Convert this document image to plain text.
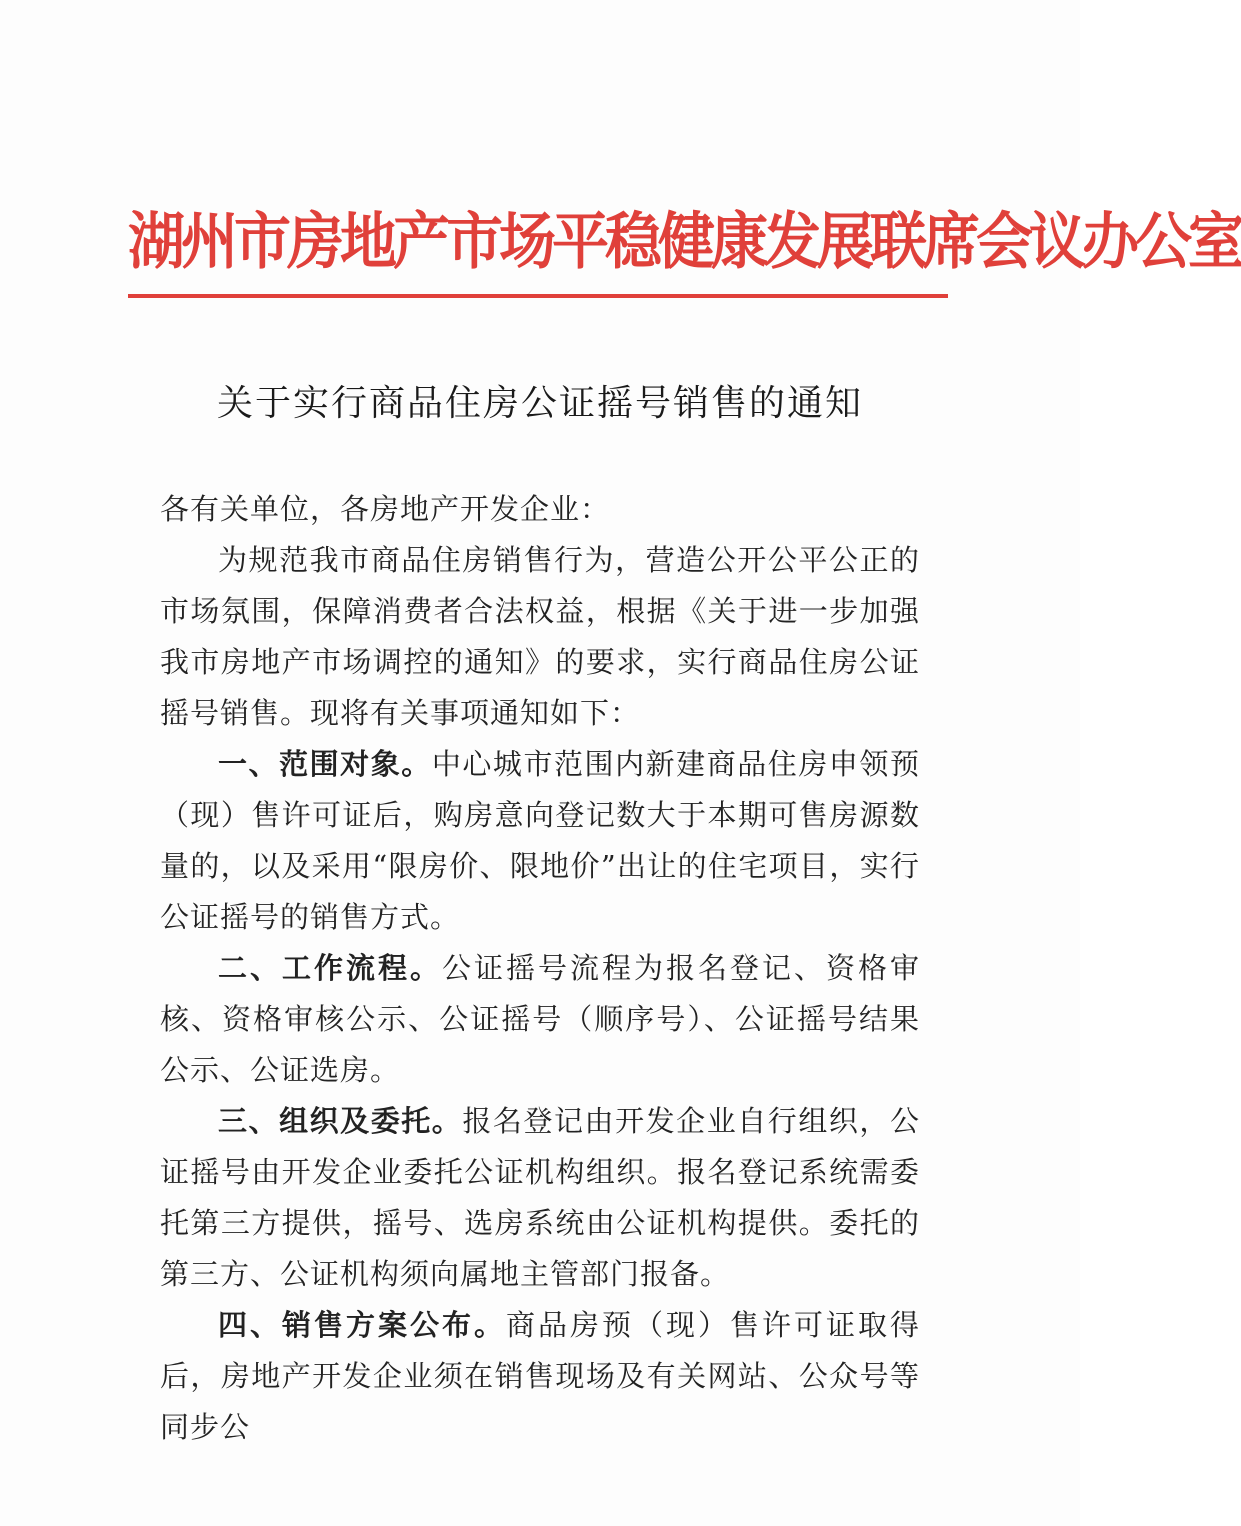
湖州市房地产市场平稳健康发展联席会议办公室
关于实行商品住房公证摇号销售的通知

各有关单位，各房地产开发企业：

为规范我市商品住房销售行为，营造公开公平公正的市场氛围，保障消费者合法权益，根据《关于进一步加强我市房地产市场调控的通知》的要求，实行商品住房公证摇号销售。现将有关事项通知如下：

一、范围对象。中心城市范围内新建商品住房申领预（现）售许可证后，购房意向登记数大于本期可售房源数量的，以及采用“限房价、限地价”出让的住宅项目，实行公证摇号的销售方式。

二、工作流程。公证摇号流程为报名登记、资格审核、资格审核公示、公证摇号（顺序号）、公证摇号结果公示、公证选房。

三、组织及委托。报名登记由开发企业自行组织，公证摇号由开发企业委托公证机构组织。报名登记系统需委托第三方提供，摇号、选房系统由公证机构提供。委托的第三方、公证机构须向属地主管部门报备。

四、销售方案公布。商品房预（现）售许可证取得后，房地产开发企业须在销售现场及有关网站、公众号等同步公
